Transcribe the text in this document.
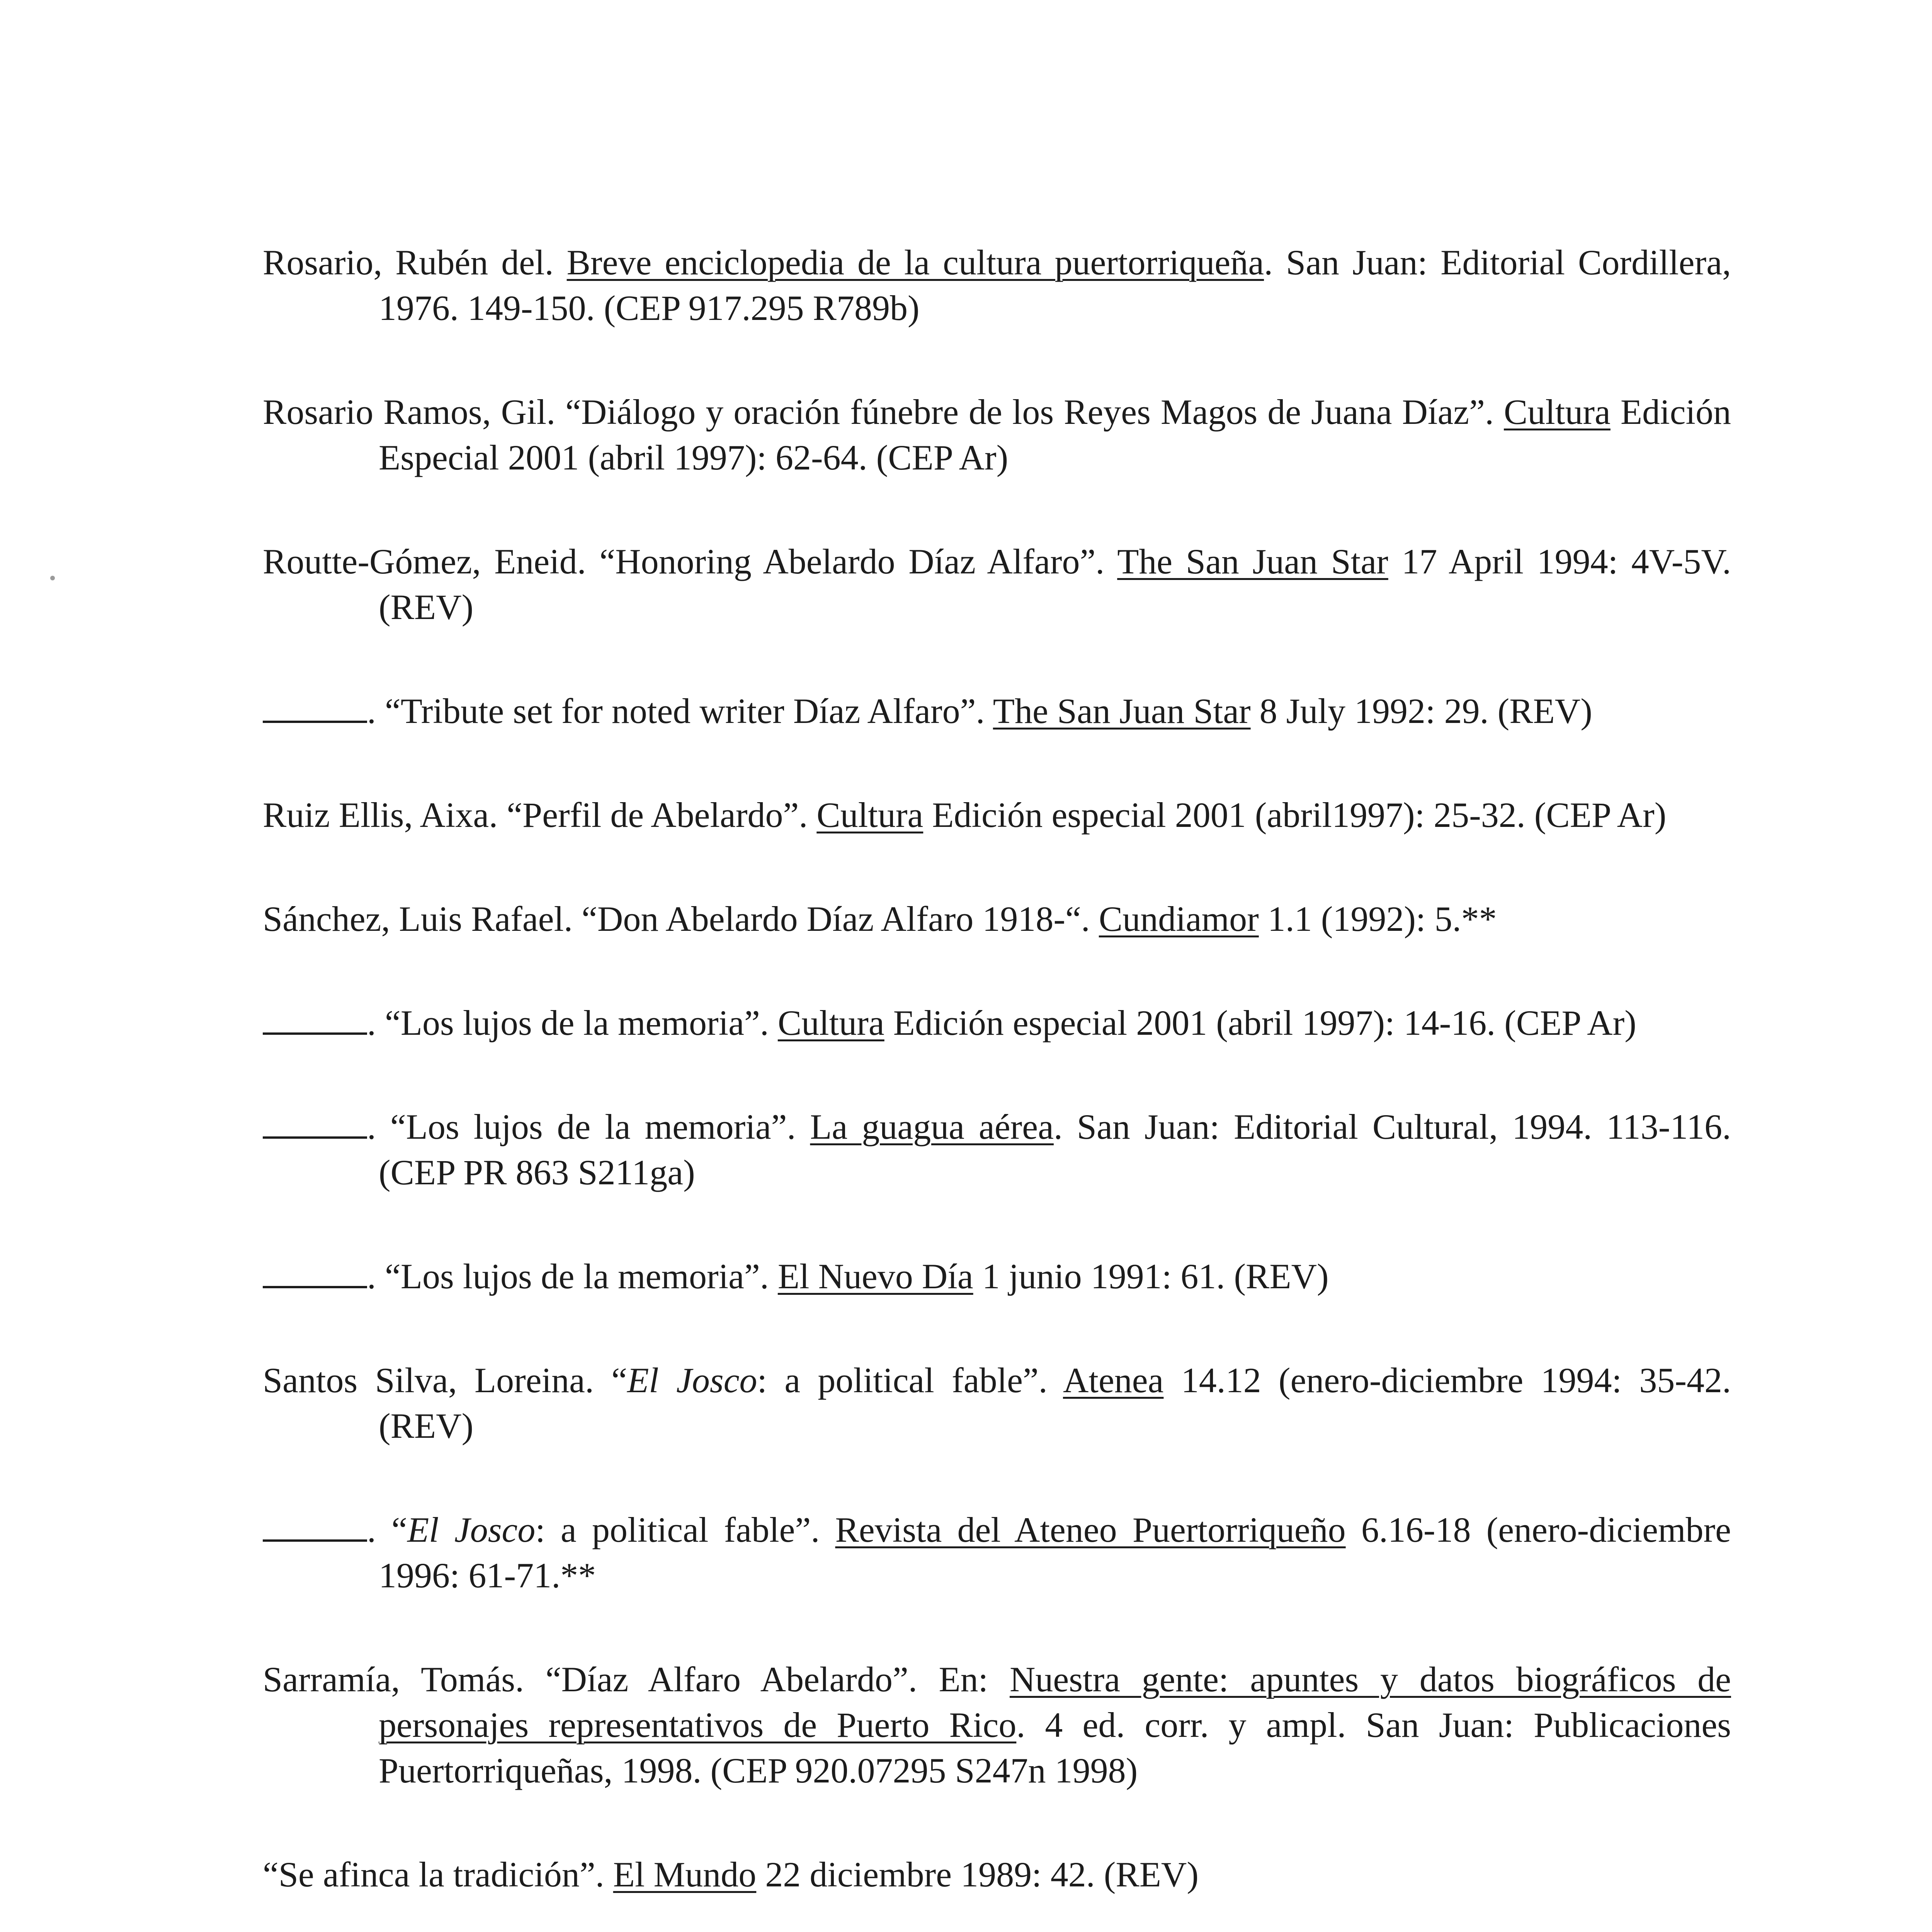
Rosario, Rubén del. Breve enciclopedia de la cultura puertorriqueña. San Juan: Editorial Cordillera, 1976. 149-150. (CEP 917.295 R789b)

Rosario Ramos, Gil. “Diálogo y oración fúnebre de los Reyes Magos de Juana Díaz”. Cultura Edición Especial 2001 (abril 1997): 62-64. (CEP Ar)

Routte-Gómez, Eneid. “Honoring Abelardo Díaz Alfaro”. The San Juan Star 17 April 1994: 4V-5V. (REV)

. “Tribute set for noted writer Díaz Alfaro”. The San Juan Star 8 July 1992: 29. (REV)

Ruiz Ellis, Aixa. “Perfil de Abelardo”. Cultura Edición especial 2001 (abril1997): 25-32. (CEP Ar)

Sánchez, Luis Rafael. “Don Abelardo Díaz Alfaro 1918-“. Cundiamor 1.1 (1992): 5.**

. “Los lujos de la memoria”. Cultura Edición especial 2001 (abril 1997): 14-16. (CEP Ar)

. “Los lujos de la memoria”. La guagua aérea. San Juan: Editorial Cultural, 1994. 113-116. (CEP PR 863 S211ga)

. “Los lujos de la memoria”. El Nuevo Día 1 junio 1991: 61. (REV)

Santos Silva, Loreina. “El Josco: a political fable”. Atenea 14.12 (enero-diciembre 1994: 35-42. (REV)

. “El Josco: a political fable”. Revista del Ateneo Puertorriqueño 6.16-18 (enero-diciembre 1996: 61-71.**

Sarramía, Tomás. “Díaz Alfaro Abelardo”. En: Nuestra gente: apuntes y datos biográficos de personajes representativos de Puerto Rico. 4 ed. corr. y ampl. San Juan: Publicaciones Puertorriqueñas, 1998. (CEP 920.07295 S247n 1998)

“Se afinca la tradición”. El Mundo 22 diciembre 1989: 42. (REV)
